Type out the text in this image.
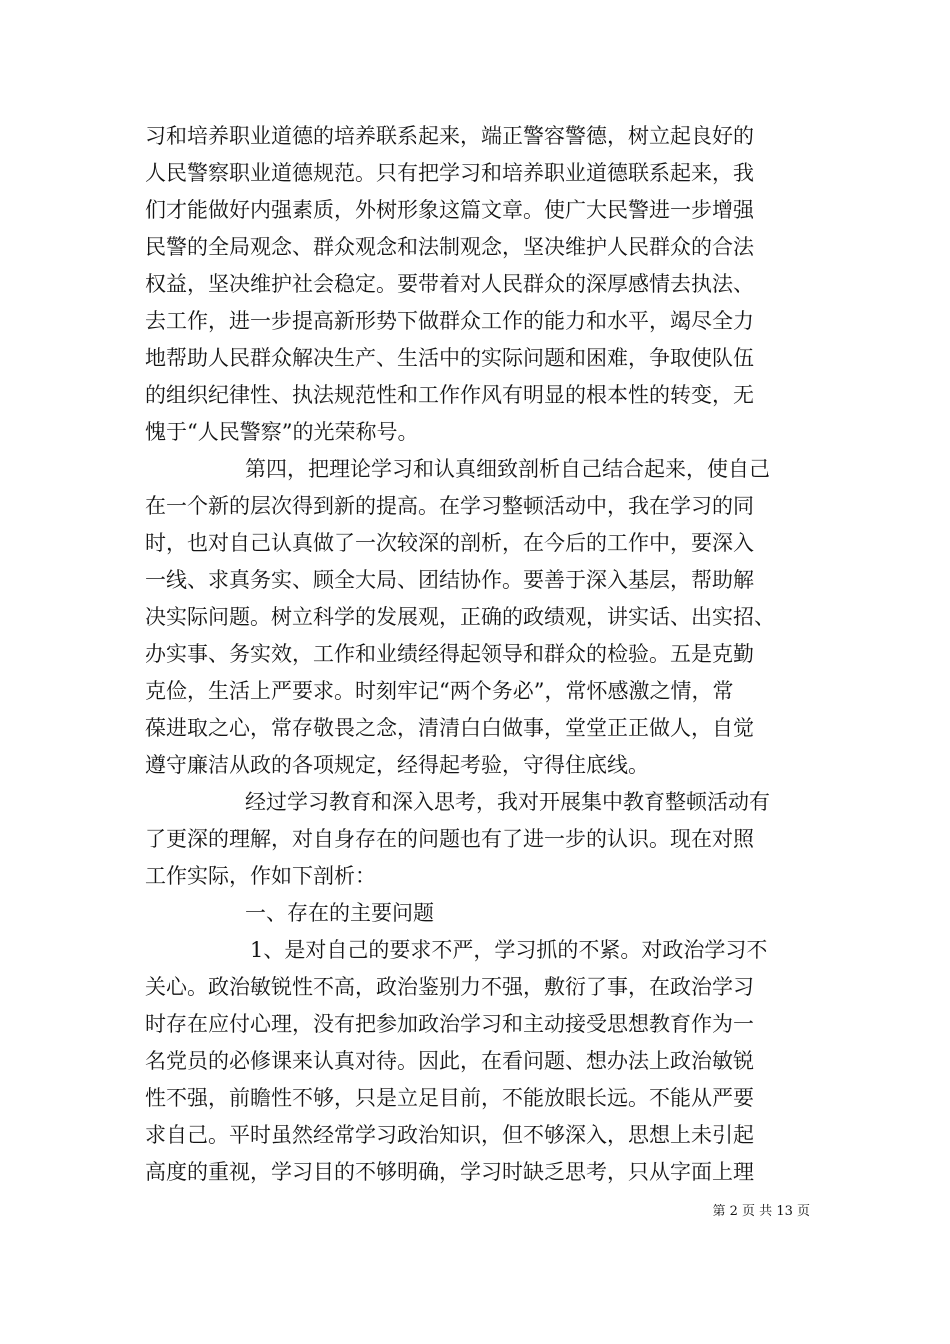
习和培养职业道德的培养联系起来，端正警容警德，树立起良好的
人民警察职业道德规范。只有把学习和培养职业道德联系起来，我
们才能做好内强素质，外树形象这篇文章。使广大民警进一步增强
民警的全局观念、群众观念和法制观念，坚决维护人民群众的合法
权益，坚决维护社会稳定。要带着对人民群众的深厚感情去执法、
去工作，进一步提高新形势下做群众工作的能力和水平，竭尽全力
地帮助人民群众解决生产、生活中的实际问题和困难，争取使队伍
的组织纪律性、执法规范性和工作作风有明显的根本性的转变，无
愧于“人民警察”的光荣称号。
第四，把理论学习和认真细致剖析自己结合起来，使自己
在一个新的层次得到新的提高。在学习整顿活动中，我在学习的同
时，也对自己认真做了一次较深的剖析，在今后的工作中，要深入
一线、求真务实、顾全大局、团结协作。要善于深入基层，帮助解
决实际问题。树立科学的发展观，正确的政绩观，讲实话、出实招、
办实事、务实效，工作和业绩经得起领导和群众的检验。五是克勤
克俭，生活上严要求。时刻牢记“两个务必”，常怀感激之情，常
葆进取之心，常存敬畏之念，清清白白做事，堂堂正正做人，自觉
遵守廉洁从政的各项规定，经得起考验，守得住底线。
经过学习教育和深入思考，我对开展集中教育整顿活动有
了更深的理解，对自身存在的问题也有了进一步的认识。现在对照
工作实际，作如下剖析：
一、存在的主要问题
1、是对自己的要求不严，学习抓的不紧。对政治学习不
关心。政治敏锐性不高，政治鉴别力不强，敷衍了事，在政治学习
时存在应付心理，没有把参加政治学习和主动接受思想教育作为一
名党员的必修课来认真对待。因此，在看问题、想办法上政治敏锐
性不强，前瞻性不够，只是立足目前，不能放眼长远。不能从严要
求自己。平时虽然经常学习政治知识，但不够深入，思想上未引起
高度的重视，学习目的不够明确，学习时缺乏思考，只从字面上理
第 2 页 共 13 页
